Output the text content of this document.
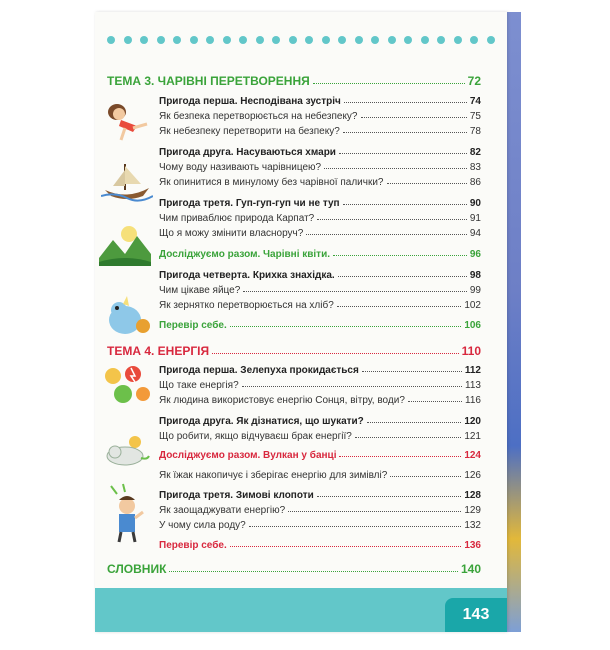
ТЕМА 3. ЧАРІВНІ ПЕРЕТВОРЕННЯ	72
Пригода перша. Несподівана зустріч	74
Як безпека перетворюється на небезпеку?	75
Як небезпеку перетворити на безпеку?	78
Пригода друга. Насуваються хмари	82
Чому воду називають чарівницею?	83
Як опинитися в минулому без чарівної палички?	86
Пригода третя. Гуп-гуп-гуп чи не туп	90
Чим приваблює природа Карпат?	91
Що я можу змінити власноруч?	94
Досліджуємо разом. Чарівні квіти.	96
Пригода четверта. Крихка знахідка.	98
Чим цікаве яйце?	99
Як зернятко перетворюється на хліб?	102
Перевір себе.	106
ТЕМА 4. ЕНЕРГІЯ	110
Пригода перша. Зелепуха прокидається	112
Що таке енергія?	113
Як людина використовує енергію Сонця, вітру, води?	116
Пригода друга. Як дізнатися, що шукати?	120
Що робити, якщо відчуваєш брак енергії?	121
Досліджуємо разом. Вулкан у банці	124
Як їжак накопичує і зберігає енергію для зимівлі?	126
Пригода третя. Зимові клопоти	128
Як заощаджувати енергію?	129
У чому сила роду?	132
Перевір себе.	136
СЛОВНИК	140
143
